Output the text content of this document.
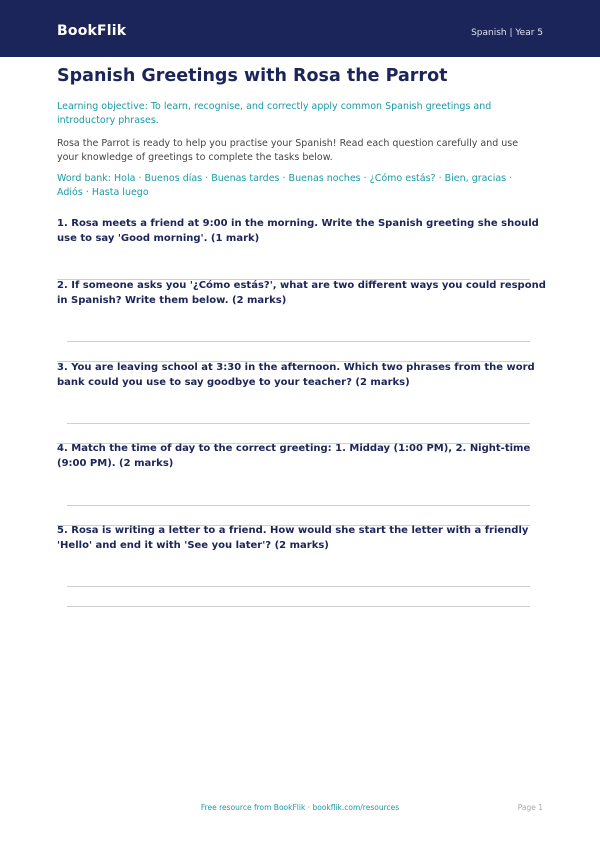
BookFlik	Spanish | Year 5
Spanish Greetings with Rosa the Parrot
Learning objective: To learn, recognise, and correctly apply common Spanish greetings and introductory phrases.
Rosa the Parrot is ready to help you practise your Spanish! Read each question carefully and use your knowledge of greetings to complete the tasks below.
Word bank: Hola · Buenos días · Buenas tardes · Buenas noches · ¿Cómo estás? · Bien, gracias · Adiós · Hasta luego
1. Rosa meets a friend at 9:00 in the morning. Write the Spanish greeting she should use to say 'Good morning'. (1 mark)
2. If someone asks you '¿Cómo estás?', what are two different ways you could respond in Spanish? Write them below. (2 marks)
3. You are leaving school at 3:30 in the afternoon. Which two phrases from the word bank could you use to say goodbye to your teacher? (2 marks)
4. Match the time of day to the correct greeting: 1. Midday (1:00 PM), 2. Night-time (9:00 PM). (2 marks)
5. Rosa is writing a letter to a friend. How would she start the letter with a friendly 'Hello' and end it with 'See you later'? (2 marks)
Free resource from BookFlik · bookflik.com/resources	Page 1
